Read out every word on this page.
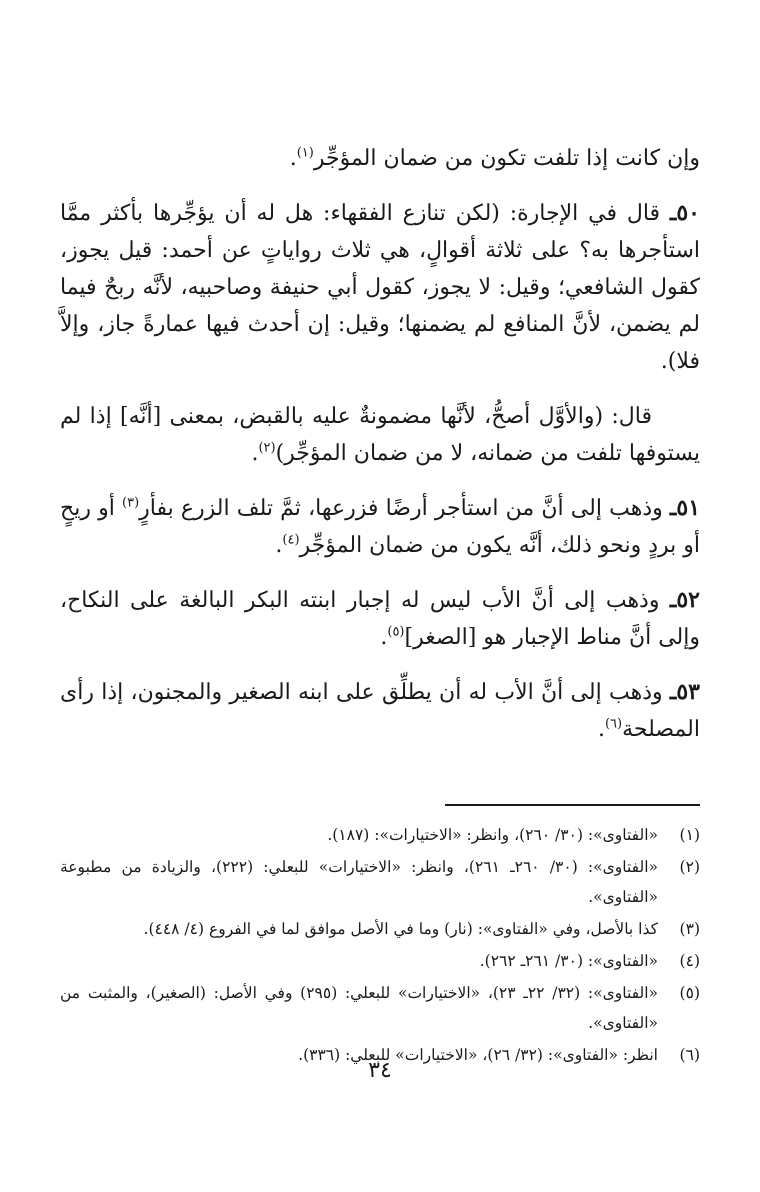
وإن كانت إذا تلفت تكون من ضمان المؤجِّر$^{(١)}$.

٥٠ـ قال في الإجارة: (لكن تنازع الفقهاء: هل له أن يؤجِّرها بأكثر ممَّا استأجرها به؟ على ثلاثة أقوالٍ، هي ثلاث رواياتٍ عن أحمد: قيل يجوز، كقول الشافعي؛ وقيل: لا يجوز، كقول أبي حنيفة وصاحبيه، لأنَّه ربحٌ فيما لم يضمن، لأنَّ المنافع لم يضمنها؛ وقيل: إن أحدث فيها عمارةً جاز، وإلاَّ فلا).

قال: (والأوَّل أصحُّ، لأنَّها مضمونةٌ عليه بالقبض، بمعنى [أنَّه] إذا لم يستوفها تلفت من ضمانه، لا من ضمان المؤجِّر)$^{(٢)}$.

٥١ـ وذهب إلى أنَّ من استأجر أرضًا فزرعها، ثمَّ تلف الزرع بفأرٍ$^{(٣)}$ أو ريحٍ أو بردٍ ونحو ذلك، أنَّه يكون من ضمان المؤجِّر$^{(٤)}$.

٥٢ـ وذهب إلى أنَّ الأب ليس له إجبار ابنته البكر البالغة على النكاح، وإلى أنَّ مناط الإجبار هو [الصغر]$^{(٥)}$.

٥٣ـ وذهب إلى أنَّ الأب له أن يطلِّق على ابنه الصغير والمجنون، إذا رأى المصلحة$^{(٦)}$.

(١)
«الفتاوى»: (٣٠/ ٢٦٠)، وانظر: «الاختيارات»: (١٨٧).
(٢)
«الفتاوى»: (٣٠/ ٢٦٠ـ ٢٦١)، وانظر: «الاختيارات» للبعلي: (٢٢٢)، والزيادة من مطبوعة «الفتاوى».
(٣)
كذا بالأصل، وفي «الفتاوى»: (نار) وما في الأصل موافق لما في الفروع (٤/ ٤٤٨).
(٤)
«الفتاوى»: (٣٠/ ٢٦١ـ ٢٦٢).
(٥)
«الفتاوى»: (٣٢/ ٢٢ـ ٢٣)، «الاختيارات» للبعلي: (٢٩٥) وفي الأصل: (الصغير)، والمثبت من «الفتاوى».
(٦)
انظر: «الفتاوى»: (٣٢/ ٢٦)، «الاختيارات» للبعلي: (٣٣٦).
٣٤
